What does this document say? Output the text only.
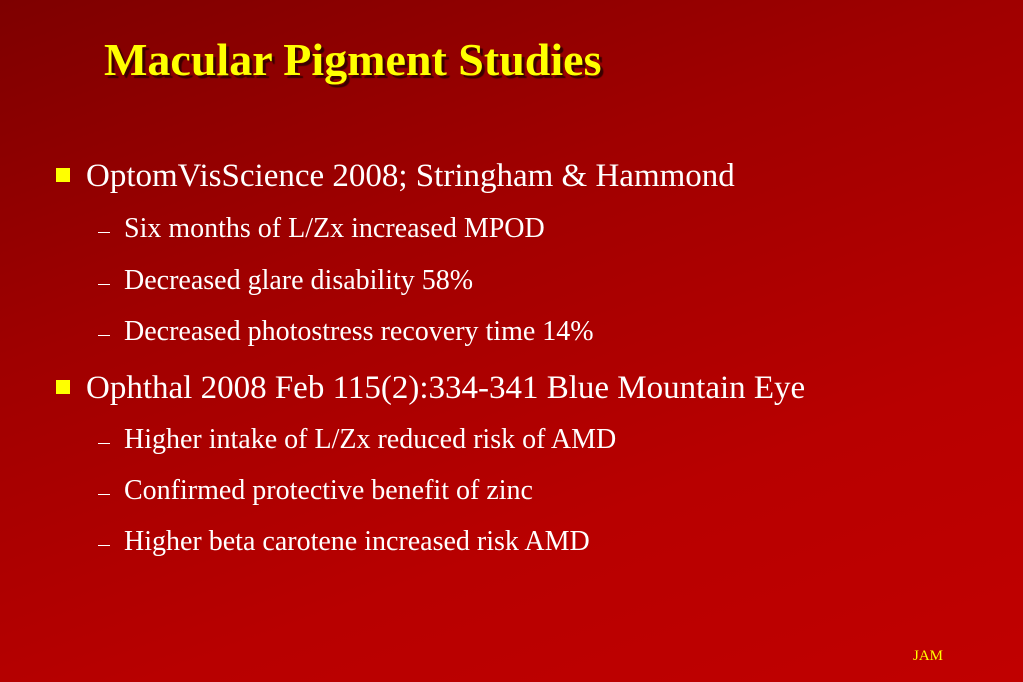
Macular Pigment Studies
OptomVisScience 2008; Stringham & Hammond
Six months of L/Zx increased MPOD
Decreased glare disability 58%
Decreased photostress recovery time 14%
Ophthal 2008 Feb 115(2):334-341 Blue Mountain Eye
Higher intake of L/Zx reduced risk of AMD
Confirmed protective benefit of zinc
Higher beta carotene increased risk AMD
JAM
